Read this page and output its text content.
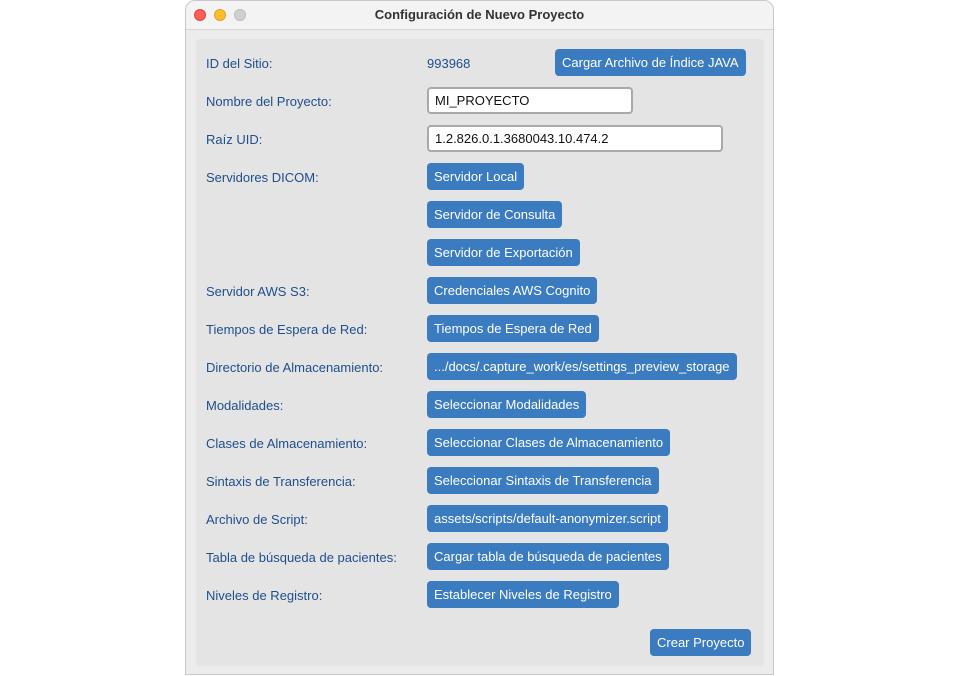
Configuración de Nuevo Proyecto
ID del Sitio:	993968	Cargar Archivo de Índice JAVA
Nombre del Proyecto:
MI_PROYECTO
Raíz UID:
1.2.826.0.1.3680043.10.474.2
Servidores DICOM:	Servidor Local
Servidor de Consulta
Servidor de Exportación
Servidor AWS S3:	Credenciales AWS Cognito
Tiempos de Espera de Red:	Tiempos de Espera de Red
Directorio de Almacenamiento:	.../docs/.capture_work/es/settings_preview_storage
Modalidades:	Seleccionar Modalidades
Clases de Almacenamiento:	Seleccionar Clases de Almacenamiento
Sintaxis de Transferencia:	Seleccionar Sintaxis de Transferencia
Archivo de Script:	assets/scripts/default-anonymizer.script
Tabla de búsqueda de pacientes:	Cargar tabla de búsqueda de pacientes
Niveles de Registro:	Establecer Niveles de Registro
Crear Proyecto
